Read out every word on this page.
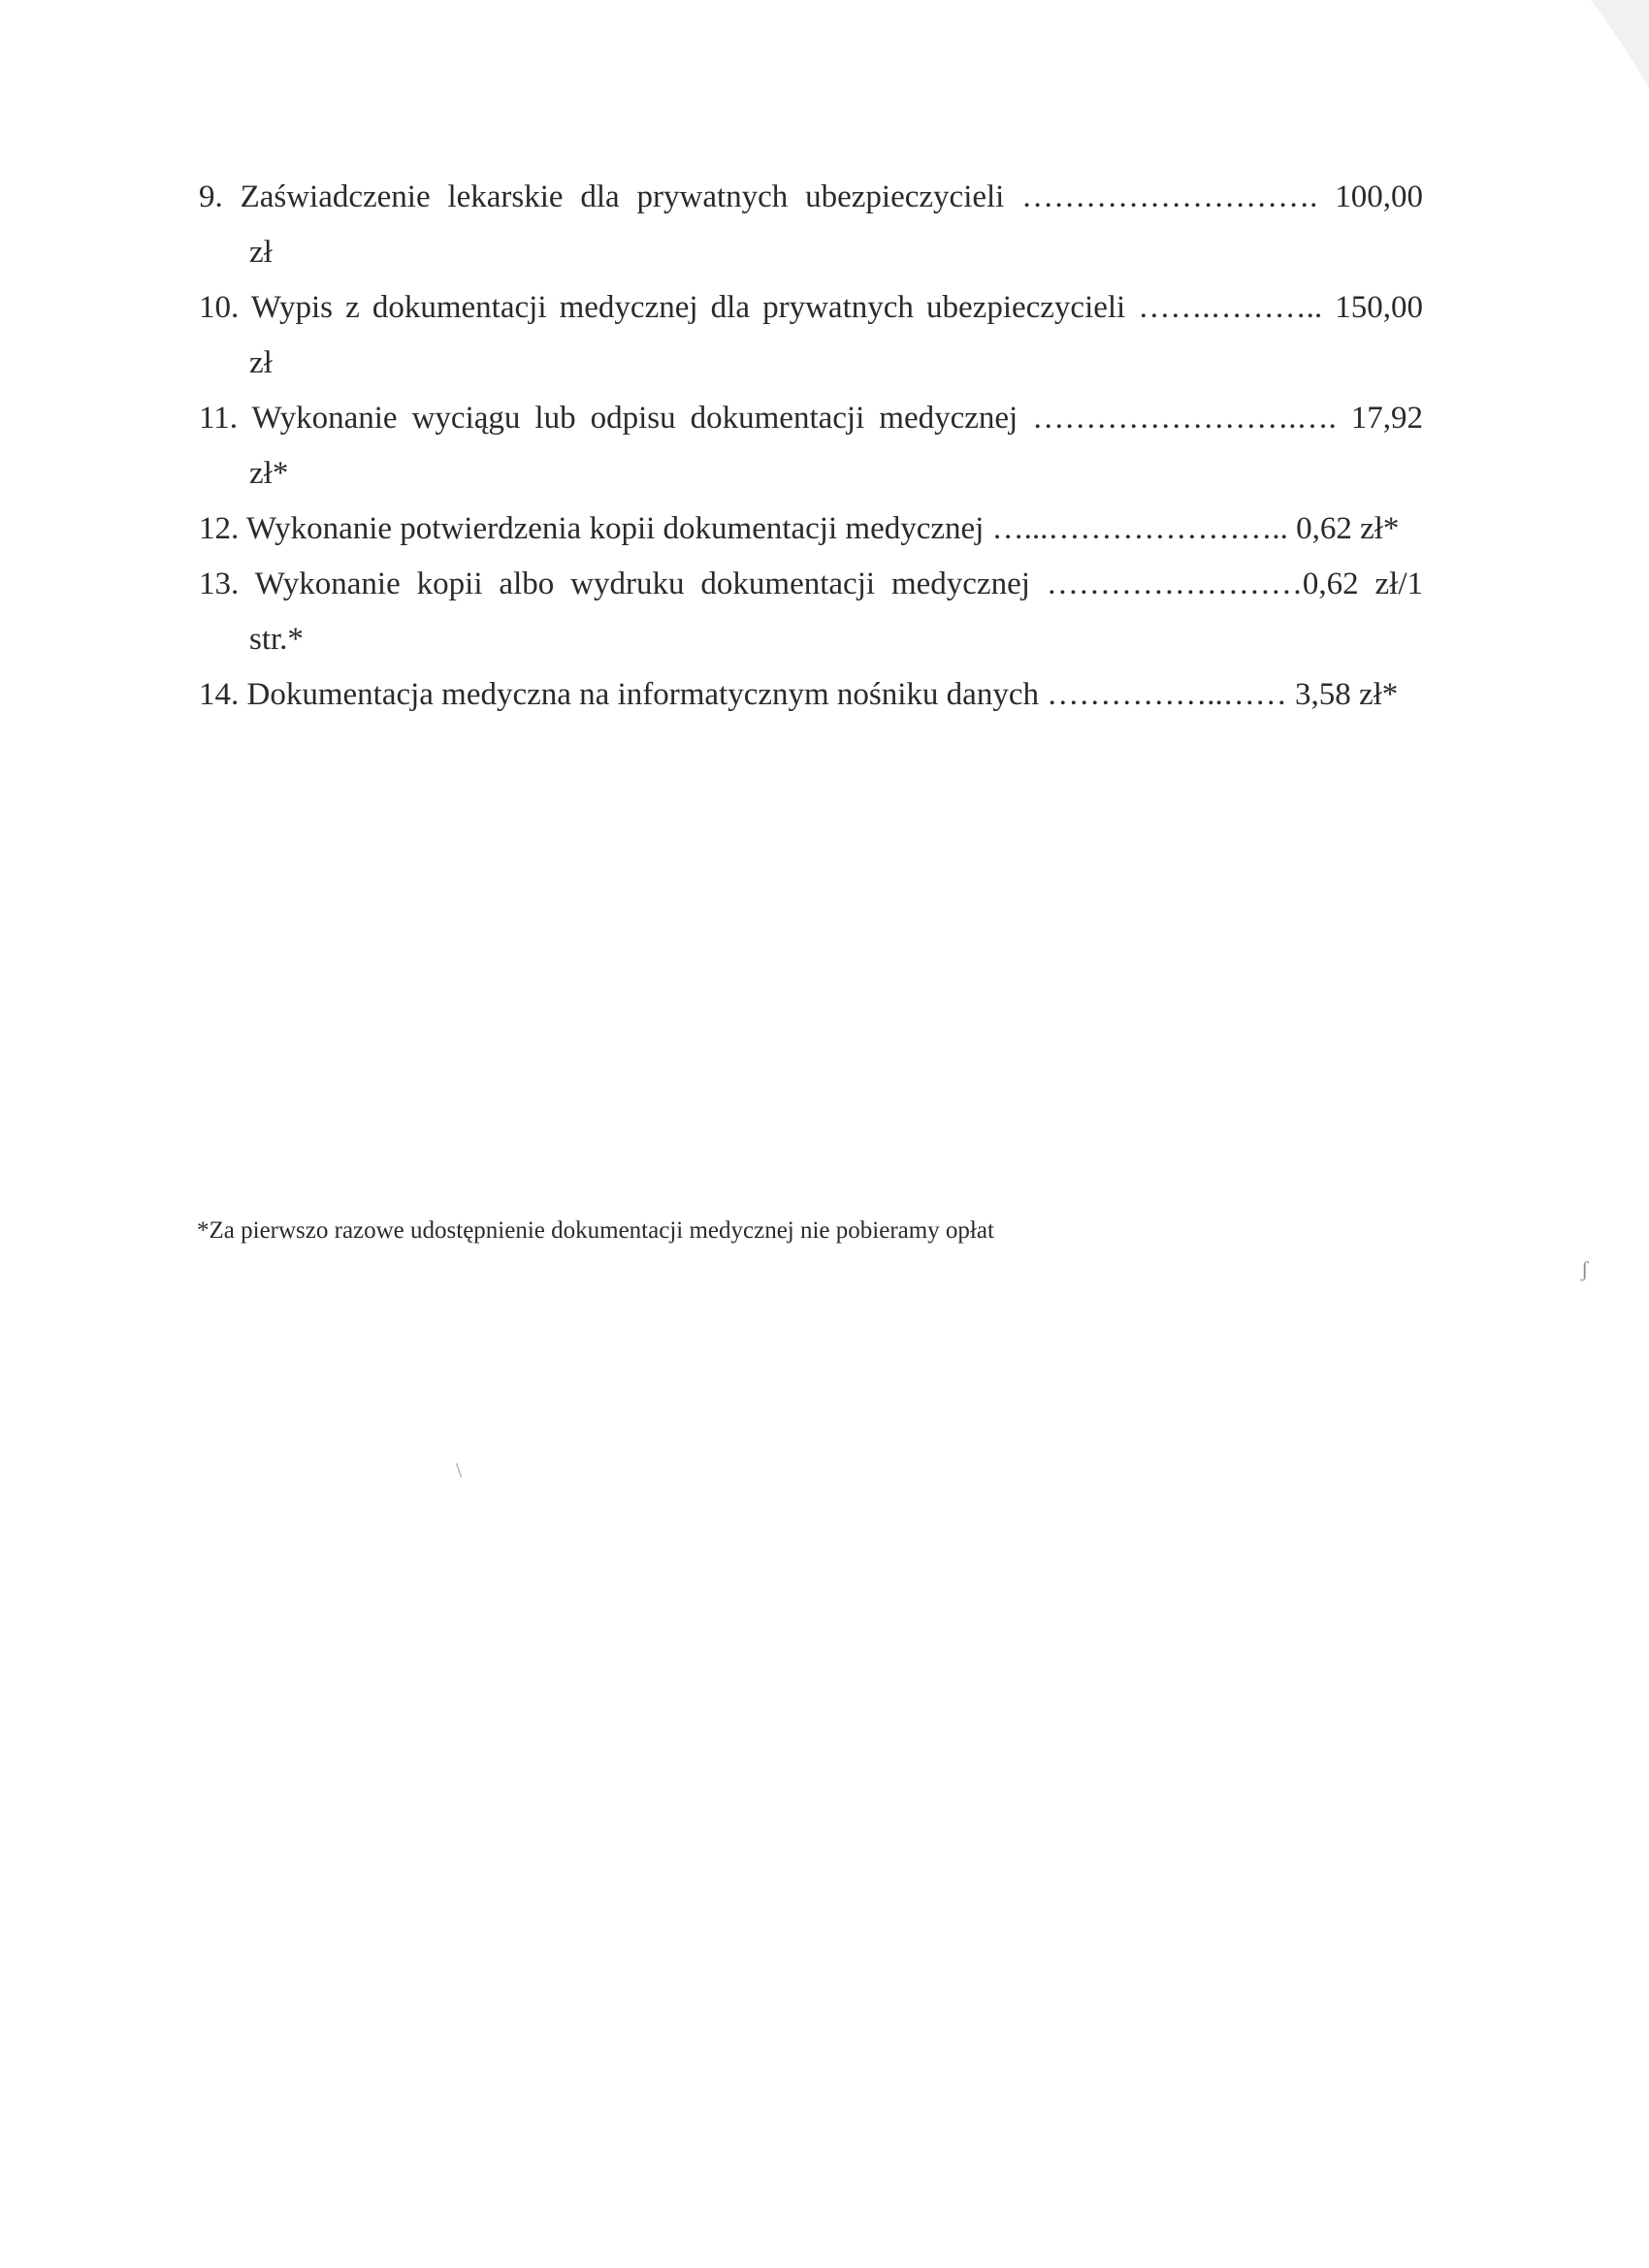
9. Zaświadczenie lekarskie dla prywatnych ubezpieczycieli ………………………. 100,00
zł
10. Wypis z dokumentacji medycznej dla prywatnych ubezpieczycieli …….……….. 150,00
zł
11. Wykonanie wyciągu lub odpisu dokumentacji medycznej …………………….…. 17,92
zł*
12. Wykonanie potwierdzenia kopii dokumentacji medycznej …...………………….. 0,62 zł*
13. Wykonanie kopii albo wydruku dokumentacji medycznej ……………………0,62 zł/1
str.*
14. Dokumentacja medyczna na informatycznym nośniku danych ……………..…… 3,58 zł*
*Za pierwszo razowe udostępnienie dokumentacji medycznej nie pobieramy opłat
ʃ
\
